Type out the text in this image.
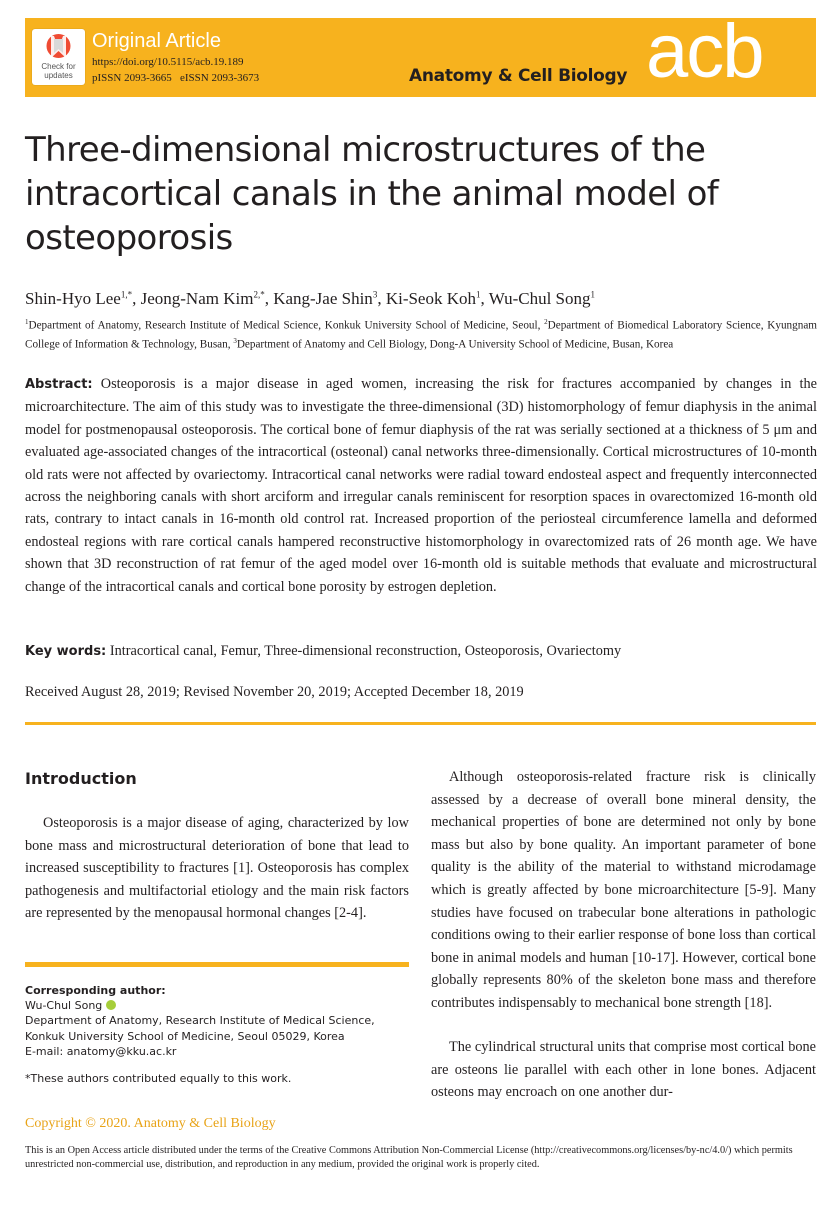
Check for updates
Original Article
https://doi.org/10.5115/acb.19.189
pISSN 2093-3665   eISSN 2093-3673	Anatomy & Cell Biology acb
Three-dimensional microstructures of the intracortical canals in the animal model of osteoporosis
Shin-Hyo Lee$^{1,*}$, Jeong-Nam Kim$^{2,*}$, Kang-Jae Shin$^3$, Ki-Seok Koh$^1$, Wu-Chul Song$^1$
$^1$Department of Anatomy, Research Institute of Medical Science, Konkuk University School of Medicine, Seoul, $^2$Department of Biomedical Laboratory Science, Kyungnam College of Information & Technology, Busan, $^3$Department of Anatomy and Cell Biology, Dong-A University School of Medicine, Busan, Korea
Abstract: Osteoporosis is a major disease in aged women, increasing the risk for fractures accompanied by changes in the microarchitecture. The aim of this study was to investigate the three-dimensional (3D) histomorphology of femur diaphysis in the animal model for postmenopausal osteoporosis. The cortical bone of femur diaphysis of the rat was serially sectioned at a thickness of 5 μm and evaluated age-associated changes of the intracortical (osteonal) canal networks three-dimensionally. Cortical microstructures of 10-month old rats were not affected by ovariectomy. Intracortical canal networks were radial toward endosteal aspect and frequently interconnected across the neighboring canals with short arciform and irregular canals reminiscent for resorption spaces in ovarectomized 16-month old rats, contrary to intact canals in 16-month old control rat. Increased proportion of the periosteal circumference lamella and deformed endosteal regions with rare cortical canals hampered reconstructive histomorphology in ovarectomized rats of 26 month age. We have shown that 3D reconstruction of rat femur of the aged model over 16-month old is suitable methods that evaluate and microstructural change of the intracortical canals and cortical bone porosity by estrogen depletion.
Key words: Intracortical canal, Femur, Three-dimensional reconstruction, Osteoporosis, Ovariectomy
Received August 28, 2019; Revised November 20, 2019; Accepted December 18, 2019
Introduction
Osteoporosis is a major disease of aging, characterized by low bone mass and microstructural deterioration of bone that lead to increased susceptibility to fractures [1]. Osteoporosis has complex pathogenesis and multifactorial etiology and the main risk factors are represented by the menopausal hormonal changes [2-4].
Although osteoporosis-related fracture risk is clinically assessed by a decrease of overall bone mineral density, the mechanical properties of bone are determined not only by bone mass but also by bone quality. An important parameter of bone quality is the ability of the material to withstand microdamage which is greatly affected by bone microarchitecture [5-9]. Many studies have focused on trabecular bone alterations in pathologic conditions owing to their earlier response of bone loss than cortical bone in animal models and human [10-17]. However, cortical bone globally represents 80% of the skeleton bone mass and therefore contributes indispensably to mechanical bone strength [18].
The cylindrical structural units that comprise most cortical bone are osteons lie parallel with each other in lone bones. Adjacent osteons may encroach on one another dur-
Corresponding author:
Wu-Chul Song
Department of Anatomy, Research Institute of Medical Science, Konkuk University School of Medicine, Seoul 05029, Korea
E-mail: anatomy@kku.ac.kr
*These authors contributed equally to this work.
Copyright © 2020. Anatomy & Cell Biology
This is an Open Access article distributed under the terms of the Creative Commons Attribution Non-Commercial License (http://creativecommons.org/licenses/by-nc/4.0/) which permits unrestricted non-commercial use, distribution, and reproduction in any medium, provided the original work is properly cited.
